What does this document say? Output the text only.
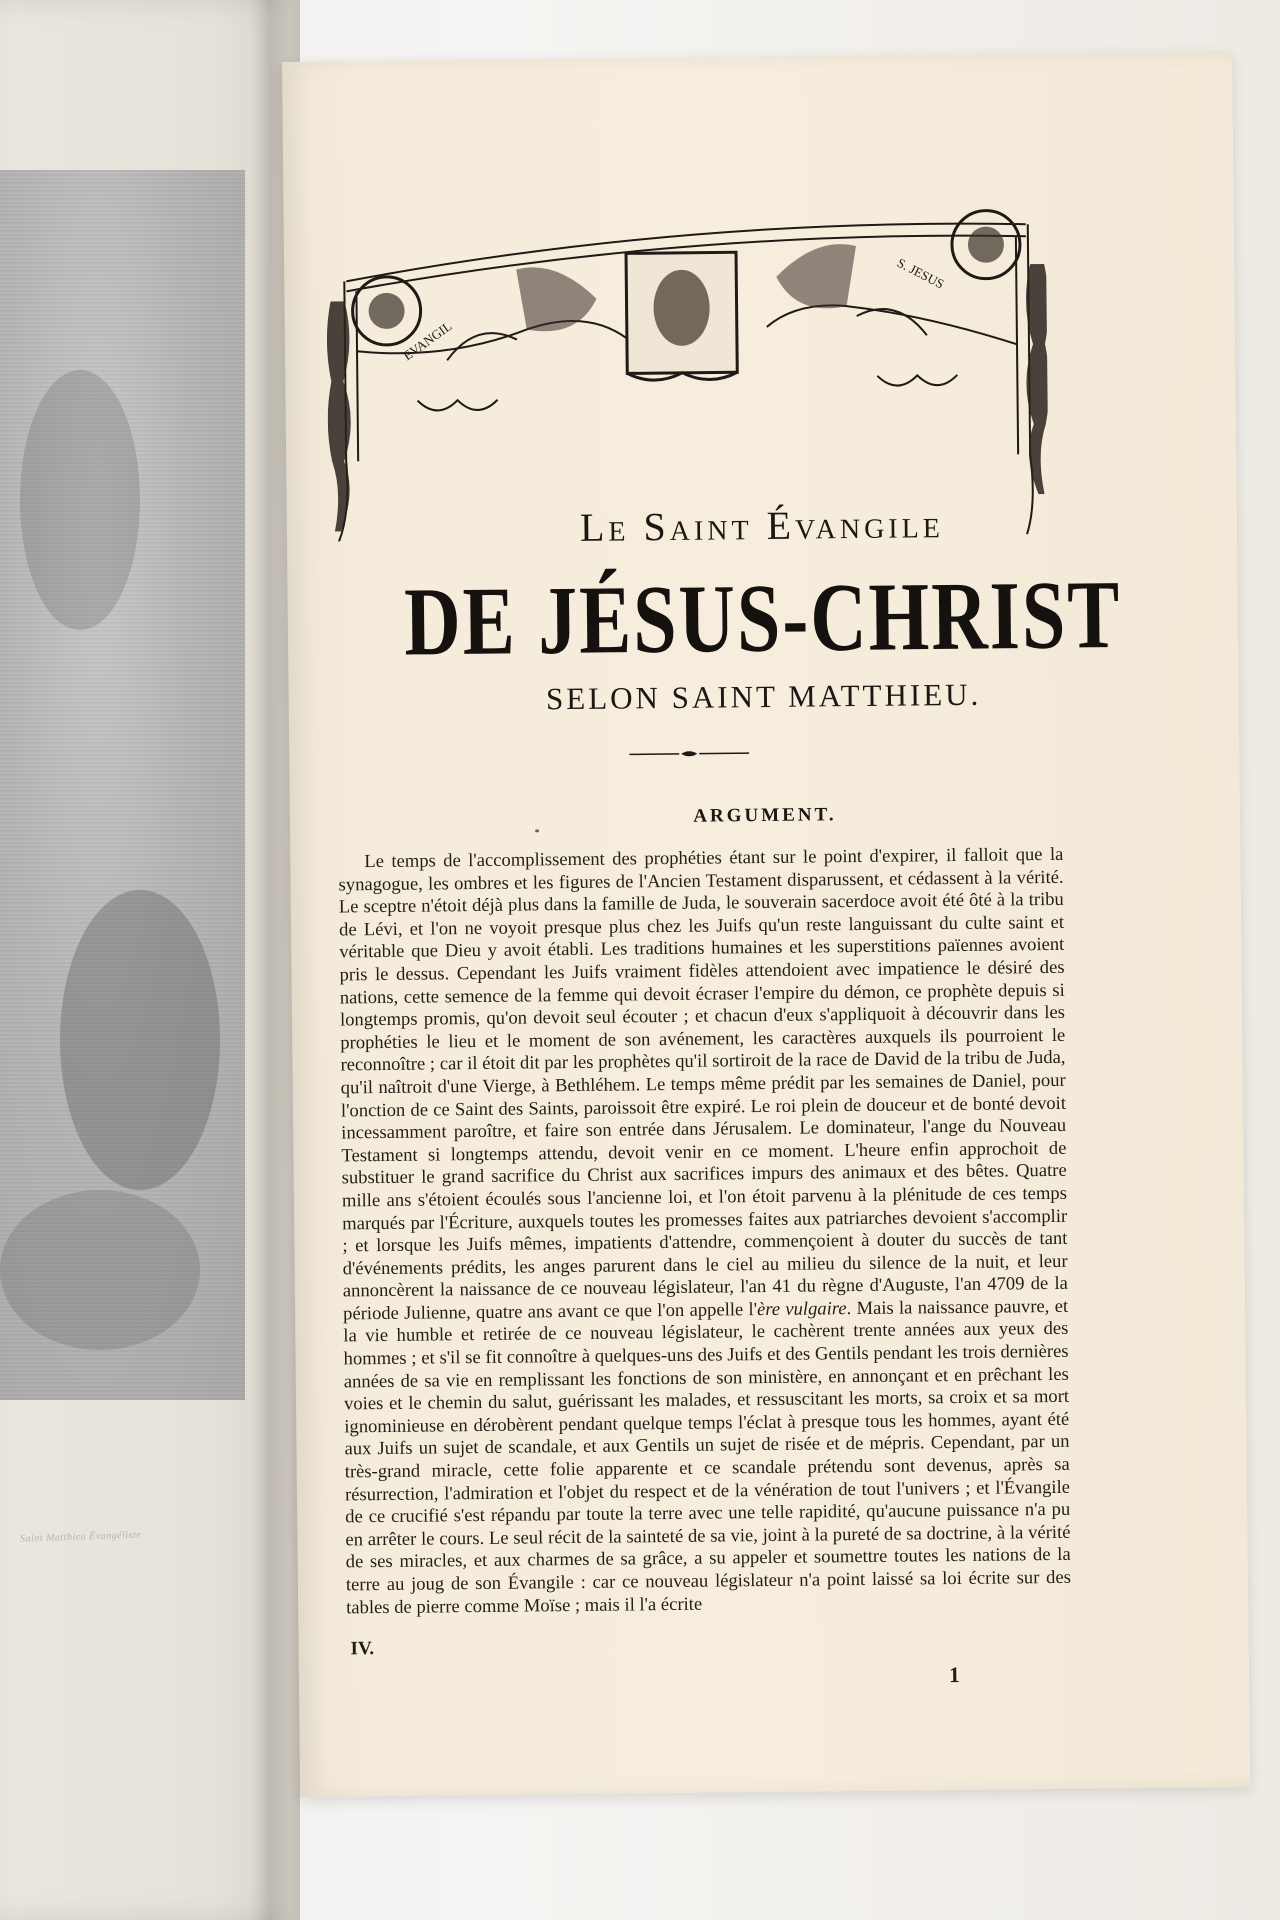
Saint Matthieu Évangéliste
EVANGIL
S. JESUS
Le Saint Évangile
DE JÉSUS-CHRIST
SELON SAINT MATTHIEU.
ARGUMENT.
Le temps de l'accomplissement des prophéties étant sur le point d'expirer, il falloit que la synagogue, les ombres et les figures de l'Ancien Testament disparussent, et cédassent à la vérité. Le sceptre n'étoit déjà plus dans la famille de Juda, le souverain sacerdoce avoit été ôté à la tribu de Lévi, et l'on ne voyoit presque plus chez les Juifs qu'un reste languissant du culte saint et véritable que Dieu y avoit établi. Les traditions humaines et les superstitions païennes avoient pris le dessus. Cependant les Juifs vraiment fidèles attendoient avec impatience le désiré des nations, cette semence de la femme qui devoit écraser l'empire du démon, ce prophète depuis si longtemps promis, qu'on devoit seul écouter ; et chacun d'eux s'appliquoit à découvrir dans les prophéties le lieu et le moment de son avénement, les caractères auxquels ils pourroient le reconnoître ; car il étoit dit par les prophètes qu'il sortiroit de la race de David de la tribu de Juda, qu'il naîtroit d'une Vierge, à Bethléhem. Le temps même prédit par les semaines de Daniel, pour l'onction de ce Saint des Saints, paroissoit être expiré. Le roi plein de douceur et de bonté devoit incessamment paroître, et faire son entrée dans Jérusalem. Le dominateur, l'ange du Nouveau Testament si longtemps attendu, devoit venir en ce moment. L'heure enfin approchoit de substituer le grand sacrifice du Christ aux sacrifices impurs des animaux et des bêtes. Quatre mille ans s'étoient écoulés sous l'ancienne loi, et l'on étoit parvenu à la plénitude de ces temps marqués par l'Écriture, auxquels toutes les promesses faites aux patriarches devoient s'accomplir ; et lorsque les Juifs mêmes, impatients d'attendre, commençoient à douter du succès de tant d'événements prédits, les anges parurent dans le ciel au milieu du silence de la nuit, et leur annoncèrent la naissance de ce nouveau législateur, l'an 41 du règne d'Auguste, l'an 4709 de la période Julienne, quatre ans avant ce que l'on appelle l'ère vulgaire. Mais la naissance pauvre, et la vie humble et retirée de ce nouveau législateur, le cachèrent trente années aux yeux des hommes ; et s'il se fit connoître à quelques-uns des Juifs et des Gentils pendant les trois dernières années de sa vie en remplissant les fonctions de son ministère, en annonçant et en prêchant les voies et le chemin du salut, guérissant les malades, et ressuscitant les morts, sa croix et sa mort ignominieuse en dérobèrent pendant quelque temps l'éclat à presque tous les hommes, ayant été aux Juifs un sujet de scandale, et aux Gentils un sujet de risée et de mépris. Cependant, par un très-grand miracle, cette folie apparente et ce scandale prétendu sont devenus, après sa résurrection, l'admiration et l'objet du respect et de la vénération de tout l'univers ; et l'Évangile de ce crucifié s'est répandu par toute la terre avec une telle rapidité, qu'aucune puissance n'a pu en arrêter le cours. Le seul récit de la sainteté de sa vie, joint à la pureté de sa doctrine, à la vérité de ses miracles, et aux charmes de sa grâce, a su appeler et soumettre toutes les nations de la terre au joug de son Évangile : car ce nouveau législateur n'a point laissé sa loi écrite sur des tables de pierre comme Moïse ; mais il l'a écrite
IV.
1
